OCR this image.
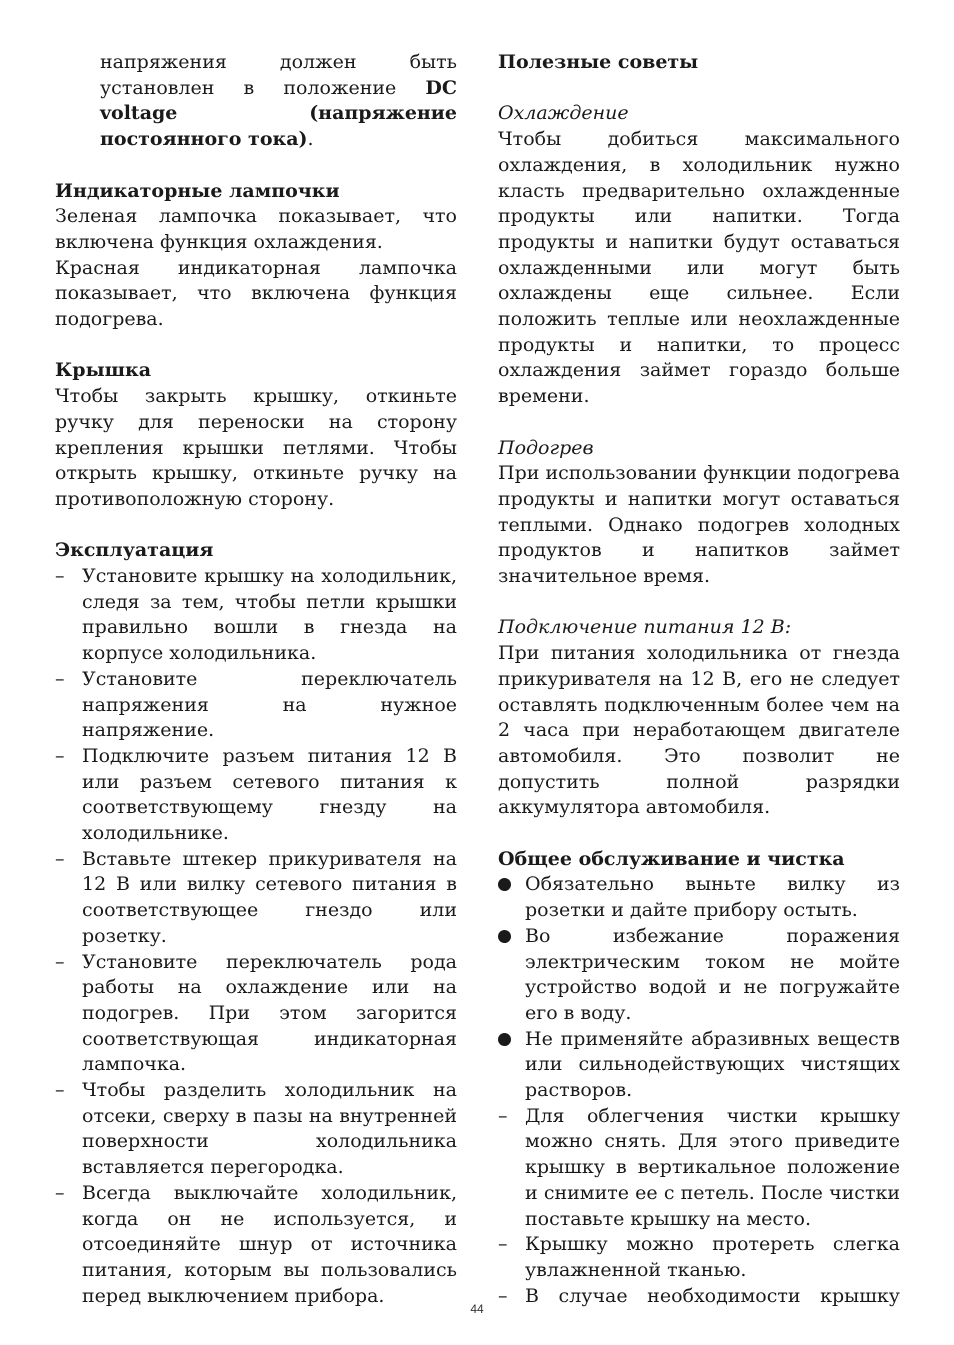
напряжения должен быть установлен в положение DC voltage (напряжение постоянного тока).

Индикаторные лампочки

Зеленая лампочка показывает, что включена функция охлаждения.

Красная индикаторная лампочка показывает, что включена функция подогрева.

Крышка

Чтобы закрыть крышку, откиньте ручку для переноски на сторону крепления крышки петлями. Чтобы открыть крышку, откиньте ручку на противоположную сторону.

Эксплуатация

– Установите крышку на холодильник, следя за тем, чтобы петли крышки правильно вошли в гнезда на корпусе холодильника.
– Установите переключатель напряжения на нужное напряжение.
– Подключите разъем питания 12 В или разъем сетевого питания к соответствующему гнезду на холодильнике.
– Вставьте штекер прикуривателя на 12 В или вилку сетевого питания в соответствующее гнездо или розетку.
– Установите переключатель рода работы на охлаждение или на подогрев. При этом загорится соответствующая индикаторная лампочка.
– Чтобы разделить холодильник на отсеки, сверху в пазы на внутренней поверхности холодильника вставляется перегородка.
– Всегда выключайте холодильник, когда он не используется, и отсоединяйте шнур от источника питания, которым вы пользовались перед выключением прибора.

Полезные советы

Охлаждение

Чтобы добиться максимального охлаждения, в холодильник нужно класть предварительно охлажденные продукты или напитки. Тогда продукты и напитки будут оставаться охлажденными или могут быть охлаждены еще сильнее. Если положить теплые или неохлажденные продукты и напитки, то процесс охлаждения займет гораздо больше времени.

Подогрев

При использовании функции подогрева продукты и напитки могут оставаться теплыми. Однако подогрев холодных продуктов и напитков займет значительное время.

Подключение питания 12 В:

При питания холодильника от гнезда прикуривателя на 12 В, его не следует оставлять подключенным более чем на 2 часа при неработающем двигателе автомобиля. Это позволит не допустить полной разрядки аккумулятора автомобиля.

Общее обслуживание и чистка

Обязательно выньте вилку из розетки и дайте прибору остыть.
Во избежание поражения электрическим током не мойте устройство водой и не погружайте его в воду.
Не применяйте абразивных веществ или сильнодействующих чистящих растворов.
– Для облегчения чистки крышку можно снять. Для этого приведите крышку в вертикальное положение и снимите ее с петель. После чистки поставьте крышку на место.
– Крышку можно протереть слегка увлажненной тканью.
– В случае необходимости крышку
44
